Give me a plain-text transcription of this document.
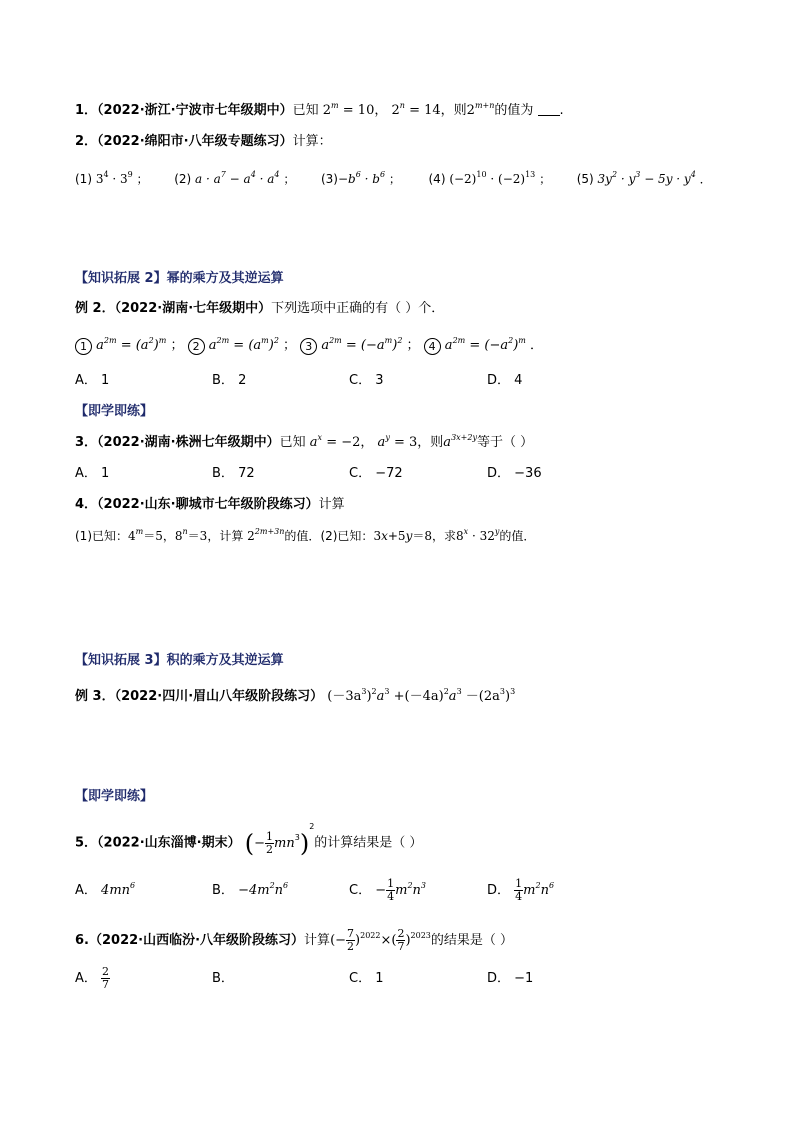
1．（2022·浙江·宁波市七年级期中）已知 $2^m = 10$， $2^n = 14$，则$2^{m+n}$的值为 .
2．（2022·绵阳市·八年级专题练习）计算：
(1) $3^4 \cdot 3^9$ ；  (2) $a \cdot a^7 - a^4 \cdot a^4$ ；  $(3)-b^6 \cdot b^6$ ；  (4) $(-2)^{10} \cdot (-2)^{13}$ ；  (5) $3y^2 \cdot y^3 - 5y \cdot y^4$ ．
【知识拓展 2】幂的乘方及其逆运算
例 2．（2022·湖南·七年级期中）下列选项中正确的有（ ）个．
1 $a^{2m} = (a^2)^m$ ； 2 $a^{2m} = (a^m)^2$ ； 3 $a^{2m} = (-a^m)^2$ ； 4 $a^{2m} = (-a^2)^m$ ．
A． 1	B． 2	C． 3	D． 4
【即学即练】
3．（2022·湖南·株洲七年级期中）已知 $a^x = -2$， $a^y = 3$，则$a^{3x+2y}$等于（ ）
A． 1	B． 72	C． −72	D． −36
4．（2022·山东·聊城市七年级阶段练习）计算
(1)已知：$4^m=5$，$8^n=3$，计算 $2^{2m+3n}$的值．(2)已知：3x+5y＝8，求$8^x \cdot 32^y$的值．
【知识拓展 3】积的乘方及其逆运算
例 3．（2022·四川·眉山八年级阶段练习） $(-3a^3)^2a^3 +(-4a)^2a^3 -(2a^3)^3$
【即学即练】
5．（2022·山东淄博·期末） (− $\frac{1}{2} mn^3)^2$的计算结果是（ ）
A． $4mn^6$	B． $-4m^2n^6$	C． − $\frac{1}{4} m^2n^3$	D． $\frac{1}{4} m^2n^6$
6.（2022·山西临汾·八年级阶段练习）计算(− $\frac{7}{2} )^{2022}\times( \frac{2}{7} )^{2023}$的结果是（ ）
A． $\frac{2}{7}$	B．	C． 1	D． −1
